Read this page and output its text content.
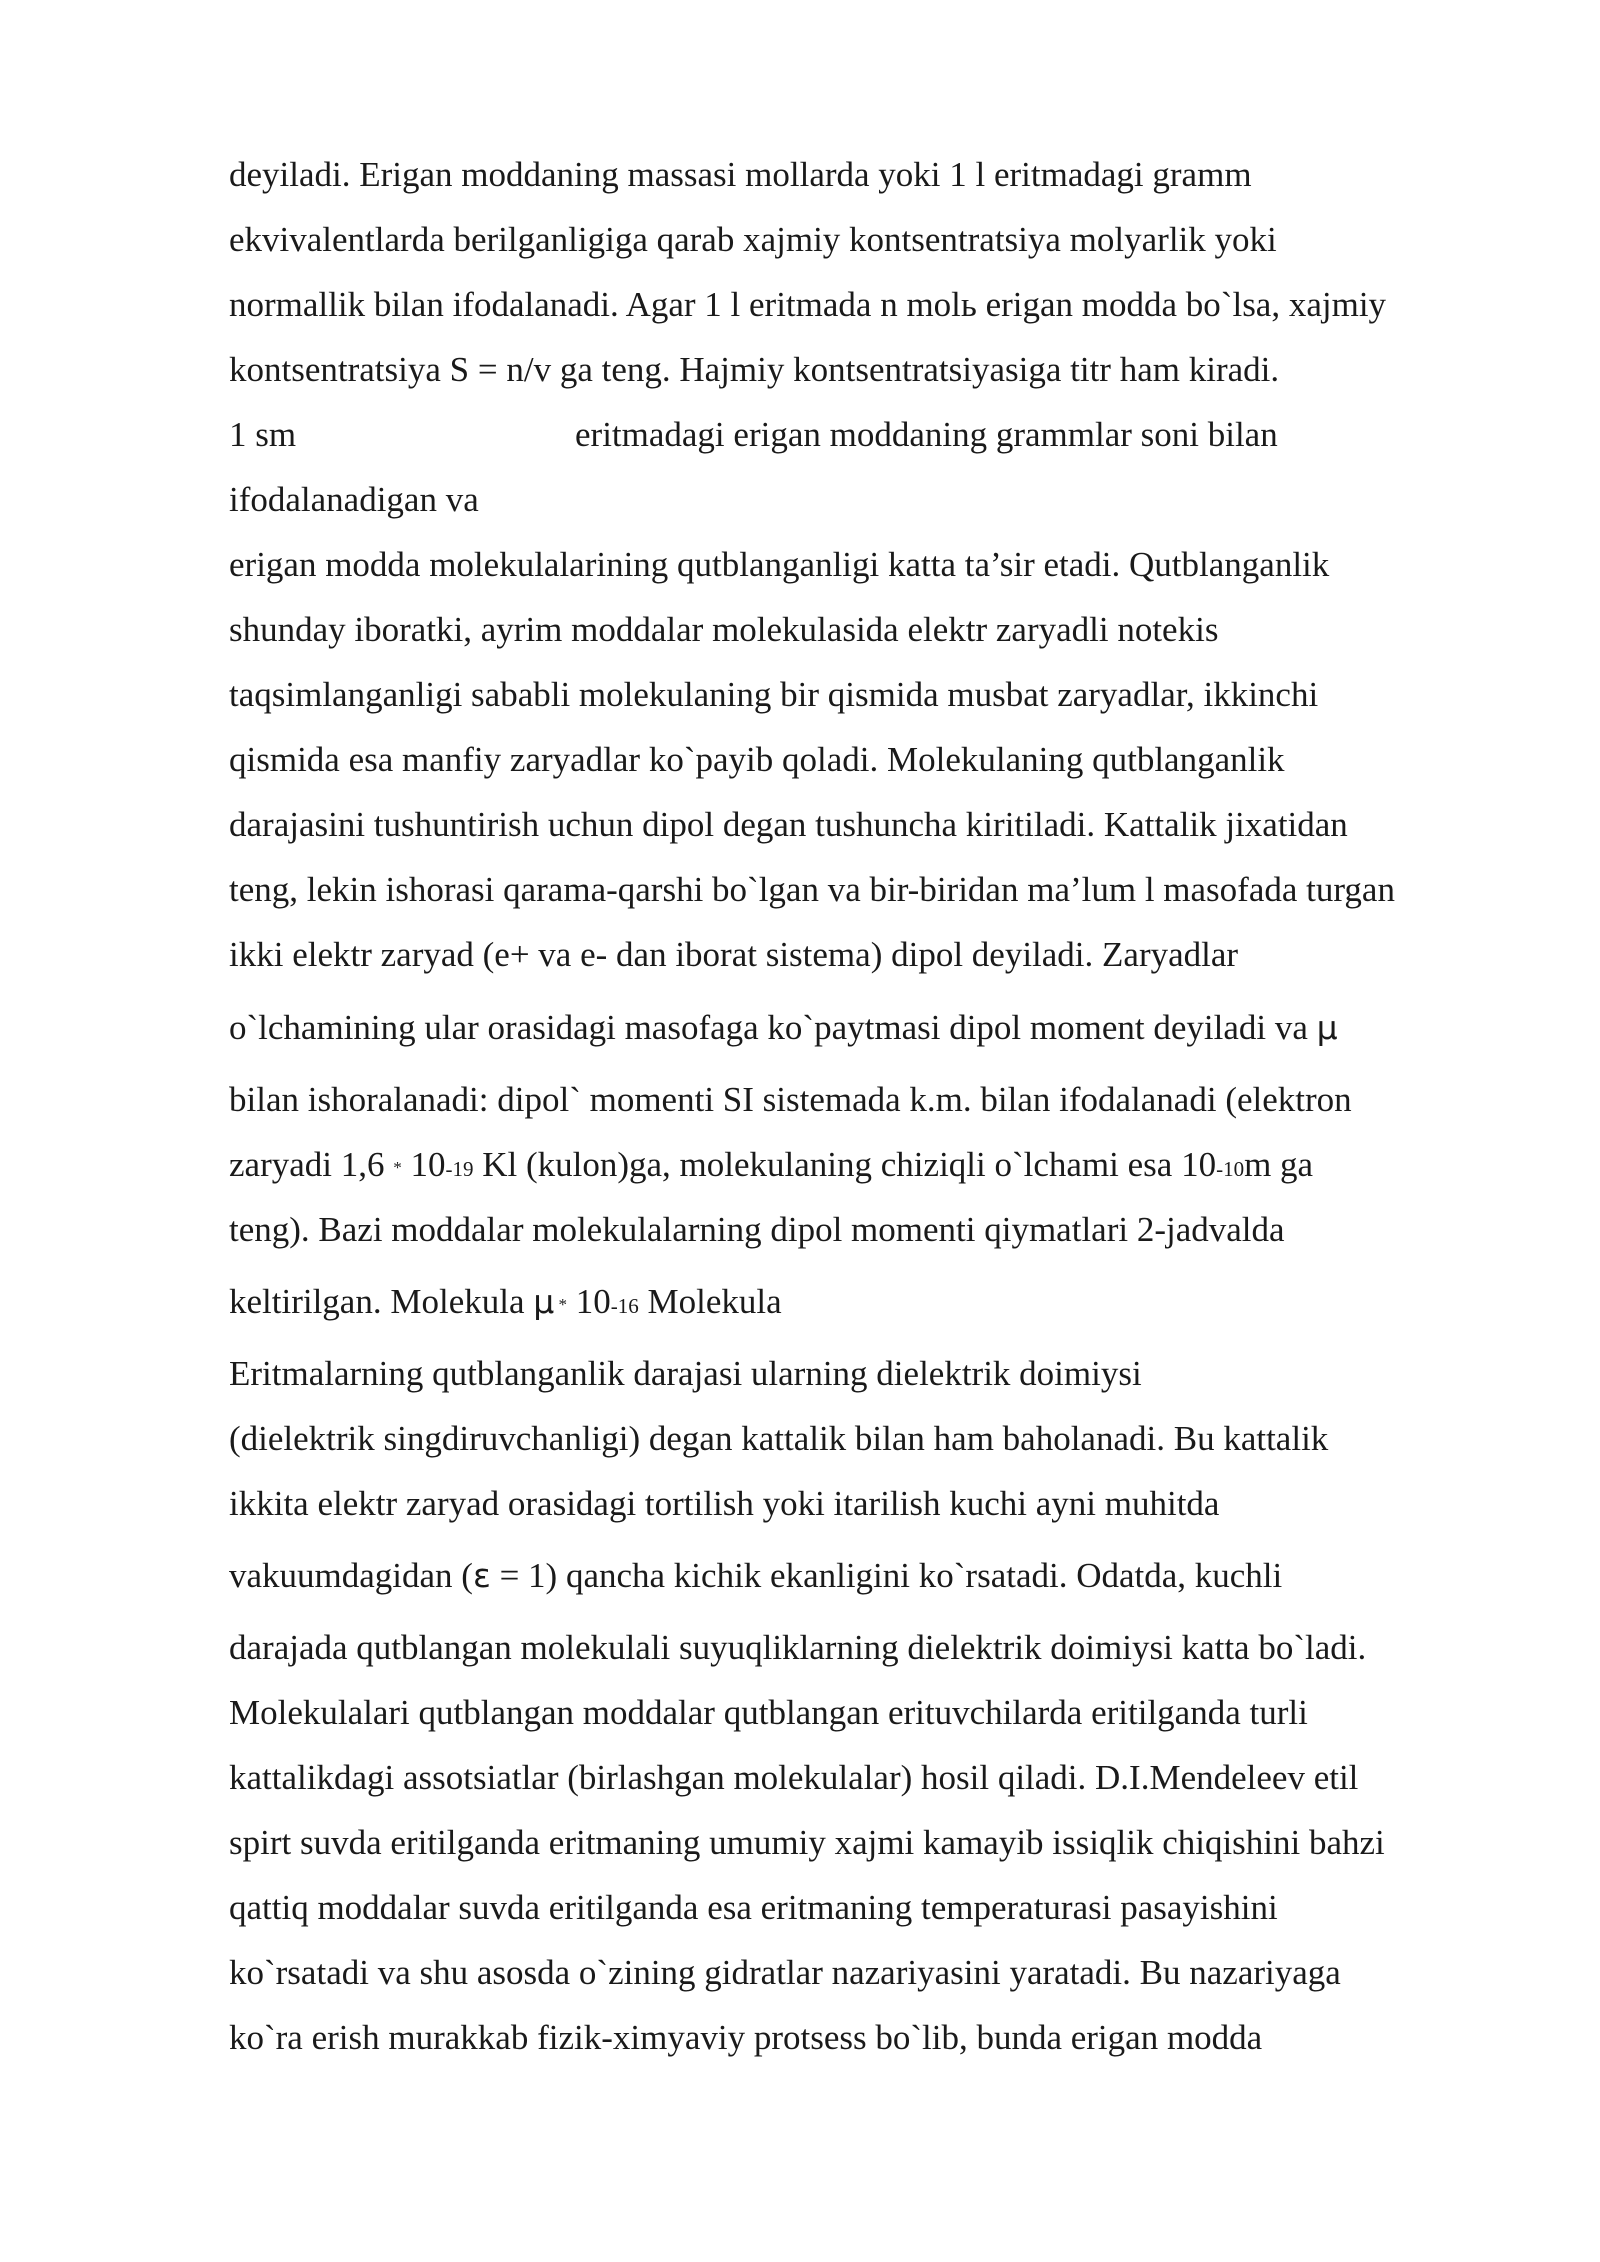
deyiladi. Erigan moddaning massasi mollarda yoki 1 l eritmadagi gramm
ekvivalentlarda berilganligiga qarab xajmiy kontsentratsiya molyarlik yoki
normallik bilan ifodalanadi. Agar 1 l eritmada n molь erigan modda bo`lsa, xajmiy
kontsentratsiya S = n/v ga teng. Hajmiy kontsentratsiyasiga titr ham kiradi.
1 sm	eritmadagi erigan moddaning grammlar soni bilan
ifodalanadigan va
erigan modda molekulalarining qutblanganligi katta ta’sir etadi. Qutblanganlik
shunday iboratki, ayrim moddalar molekulasida elektr zaryadli notekis
taqsimlanganligi sababli molekulaning bir qismida musbat zaryadlar, ikkinchi
qismida esa manfiy zaryadlar ko`payib qoladi. Molekulaning qutblanganlik
darajasini tushuntirish uchun dipol degan tushuncha kiritiladi. Kattalik jixatidan
teng, lekin ishorasi qarama-qarshi bo`lgan va bir-biridan ma’lum l masofada turgan
ikki elektr zaryad (e+ va e- dan iborat sistema) dipol deyiladi. Zaryadlar
o`lchamining ular orasidagi masofaga ko`paytmasi dipol moment deyiladi va μ
bilan ishoralanadi: dipol` momenti SI sistemada k.m. bilan ifodalanadi (elektron
zaryadi 1,6 * 10-19 Kl (kulon)ga, molekulaning chiziqli o`lchami esa 10-10m ga
teng). Bazi moddalar molekulalarning dipol momenti qiymatlari 2-jadvalda
keltirilgan. Molekula μ * 10-16 Molekula
Eritmalarning qutblanganlik darajasi ularning dielektrik doimiysi
(dielektrik singdiruvchanligi) degan kattalik bilan ham baholanadi. Bu kattalik
ikkita elektr zaryad orasidagi tortilish yoki itarilish kuchi ayni muhitda
vakuumdagidan (ε = 1) qancha kichik ekanligini ko`rsatadi. Odatda, kuchli
darajada qutblangan molekulali suyuqliklarning dielektrik doimiysi katta bo`ladi.
Molekulalari qutblangan moddalar qutblangan erituvchilarda eritilganda turli
kattalikdagi assotsiatlar (birlashgan molekulalar) hosil qiladi. D.I.Mendeleev etil
spirt suvda eritilganda eritmaning umumiy xajmi kamayib issiqlik chiqishini bahzi
qattiq moddalar suvda eritilganda esa eritmaning temperaturasi pasayishini
ko`rsatadi va shu asosda o`zining gidratlar nazariyasini yaratadi. Bu nazariyaga
ko`ra erish murakkab fizik-ximyaviy protsess bo`lib, bunda erigan modda
